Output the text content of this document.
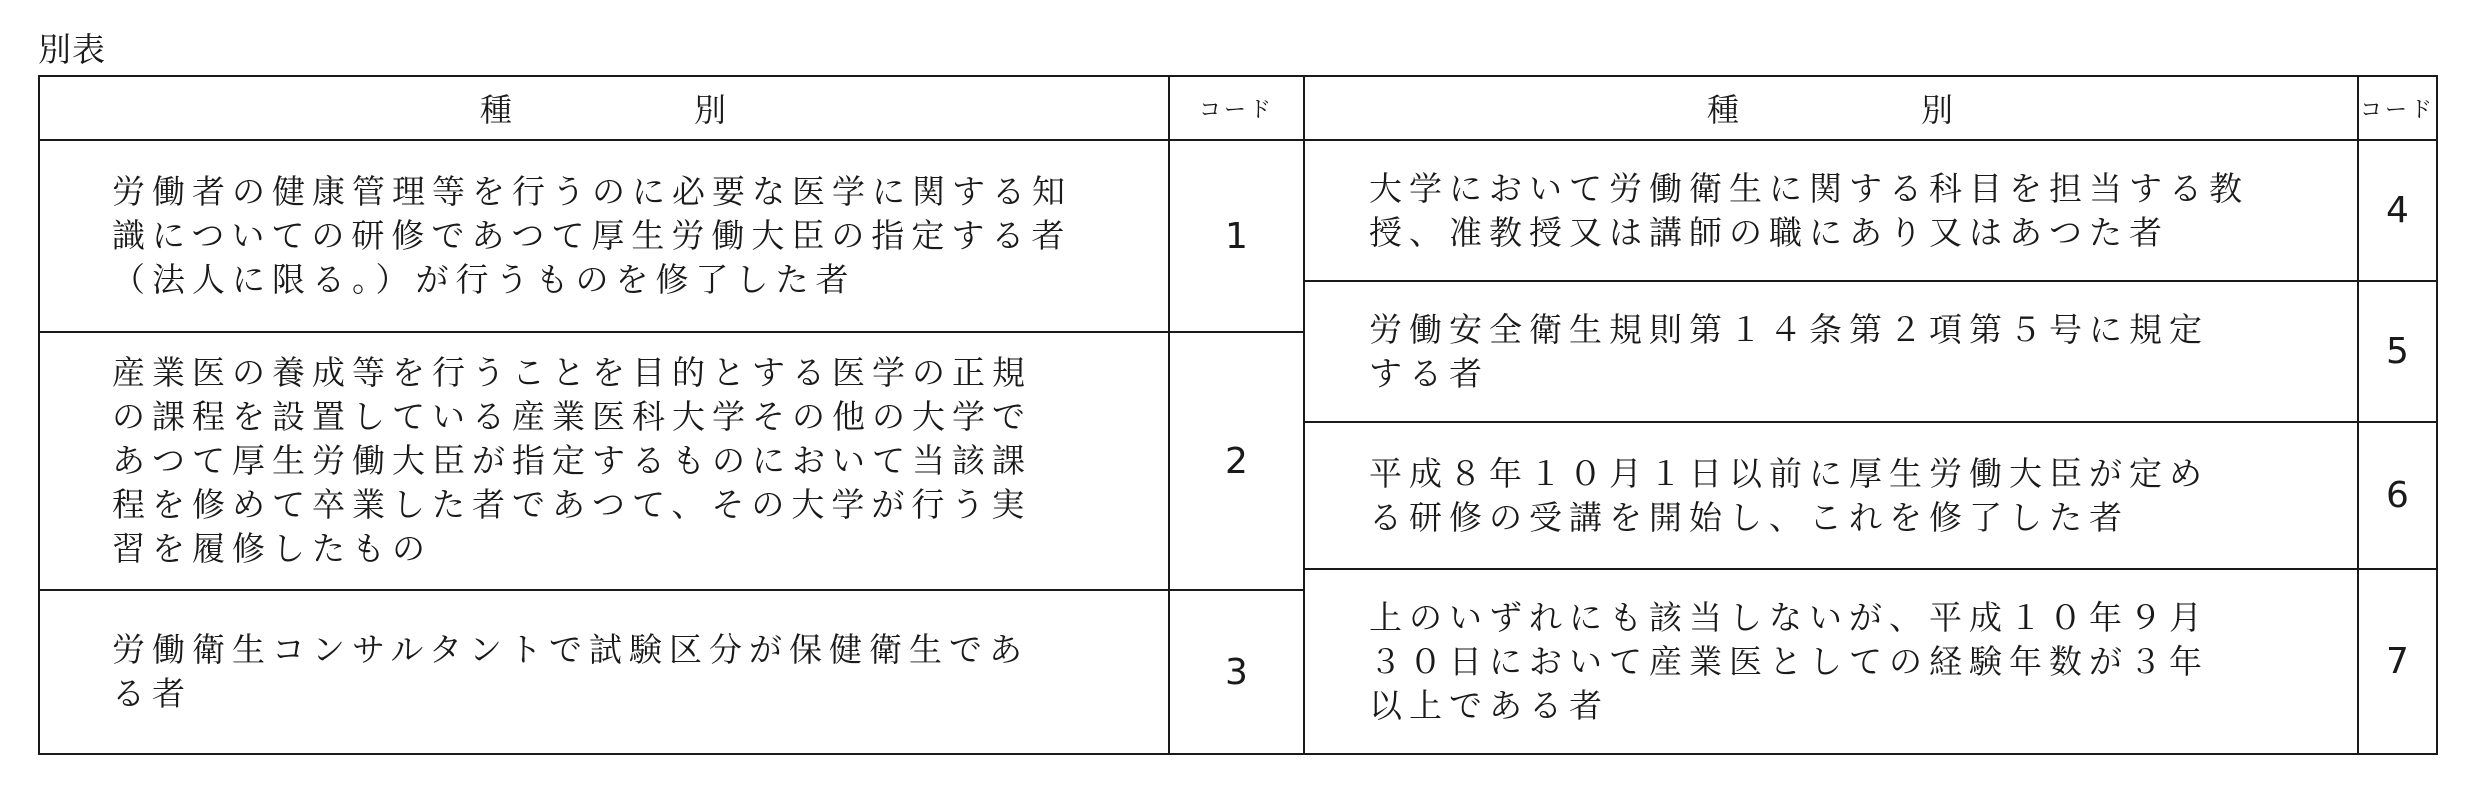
別表
種 別	コード

労働者の健康管理等を行うのに必要な医学に関する知
識についての研修であつて厚生労働大臣の指定する者
（法人に限る。）が行うものを修了した者	1

産業医の養成等を行うことを目的とする医学の正規
の課程を設置している産業医科大学その他の大学で
あつて厚生労働大臣が指定するものにおいて当該課
程を修めて卒業した者であつて、その大学が行う実
習を履修したもの	2

労働衛生コンサルタントで試験区分が保健衛生であ
る者	3
種 別	コード

大学において労働衛生に関する科目を担当する教
授、准教授又は講師の職にあり又はあつた者	4

労働安全衛生規則第１４条第２項第５号に規定
する者	5

平成８年１０月１日以前に厚生労働大臣が定め
る研修の受講を開始し、これを修了した者	6

上のいずれにも該当しないが、平成１０年９月
３０日において産業医としての経験年数が３年
以上である者	7
